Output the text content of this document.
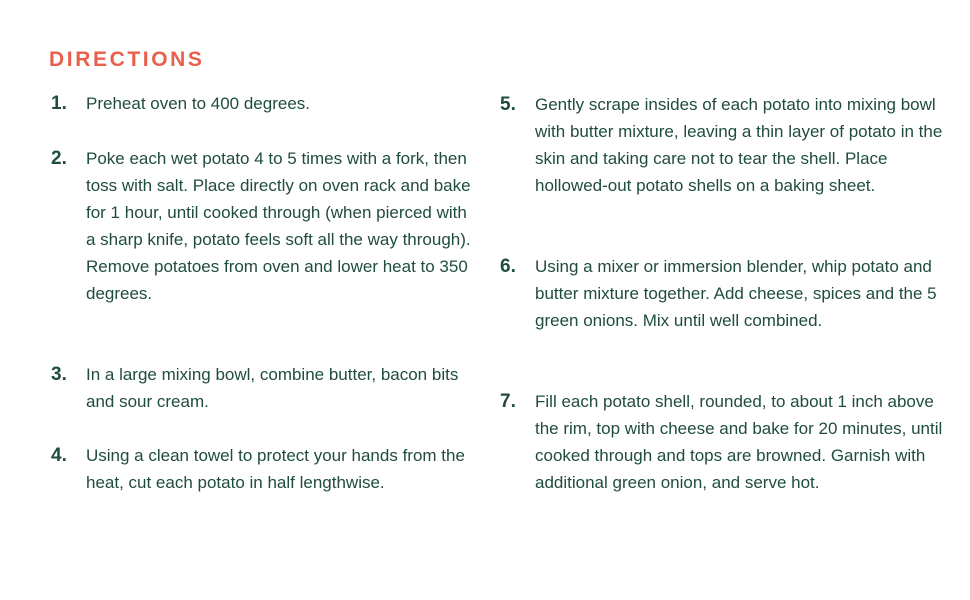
DIRECTIONS
1. Preheat oven to 400 degrees.

2. Poke each wet potato 4 to 5 times with a fork, then toss with salt. Place directly on oven rack and bake for 1 hour, until cooked through (when pierced with a sharp knife, potato feels soft all the way through). Remove potatoes from oven and lower heat to 350 degrees.

3. In a large mixing bowl, combine butter, bacon bits and sour cream.

4. Using a clean towel to protect your hands from the heat, cut each potato in half lengthwise.

5. Gently scrape insides of each potato into mixing bowl with butter mixture, leaving a thin layer of potato in the skin and taking care not to tear the shell. Place hollowed-out potato shells on a baking sheet.

6. Using a mixer or immersion blender, whip potato and butter mixture together. Add cheese, spices and the 5 green onions. Mix until well combined.

7. Fill each potato shell, rounded, to about 1 inch above the rim, top with cheese and bake for 20 minutes, until cooked through and tops are browned. Garnish with additional green onion, and serve hot.
